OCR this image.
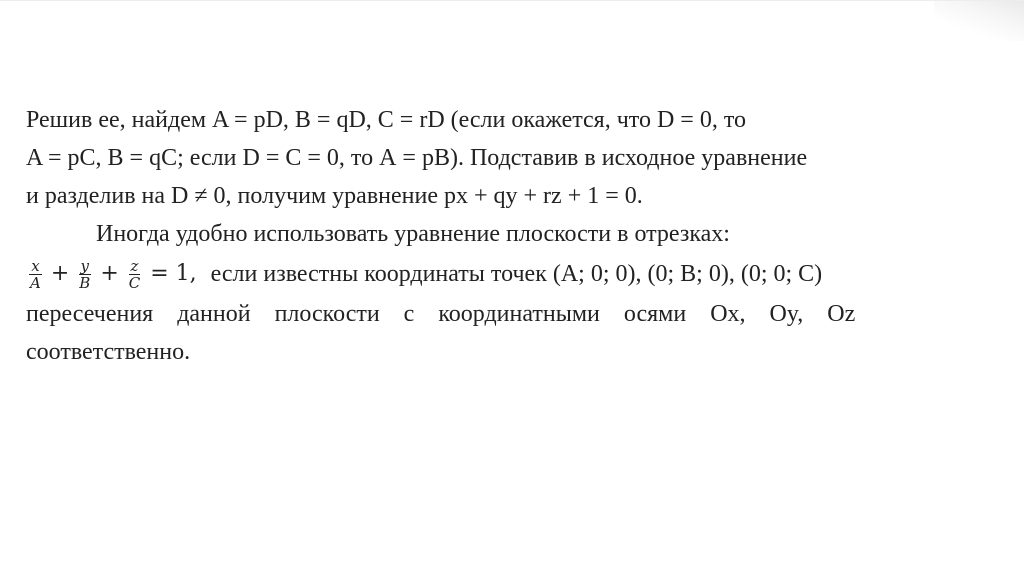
Решив ее, найдем A = pD, B = qD, C = rD (если окажется, что D = 0, то
A = pC, В = qC; если D = С = 0, то А = pB). Подставив в исходное уравнение
и разделив на D ≠ 0, получим уравнение px + qy + rz + 1 = 0.
Иногда удобно использовать уравнение плоскости в отрезках:
$\frac{x}{A} + \frac{y}{B} + \frac{z}{C} = 1$, если известны координаты точек (A; 0; 0), (0; В; 0), (0; 0; С)
пересечения данной плоскости с координатными осями Ox, Oy, Oz
соответственно.
